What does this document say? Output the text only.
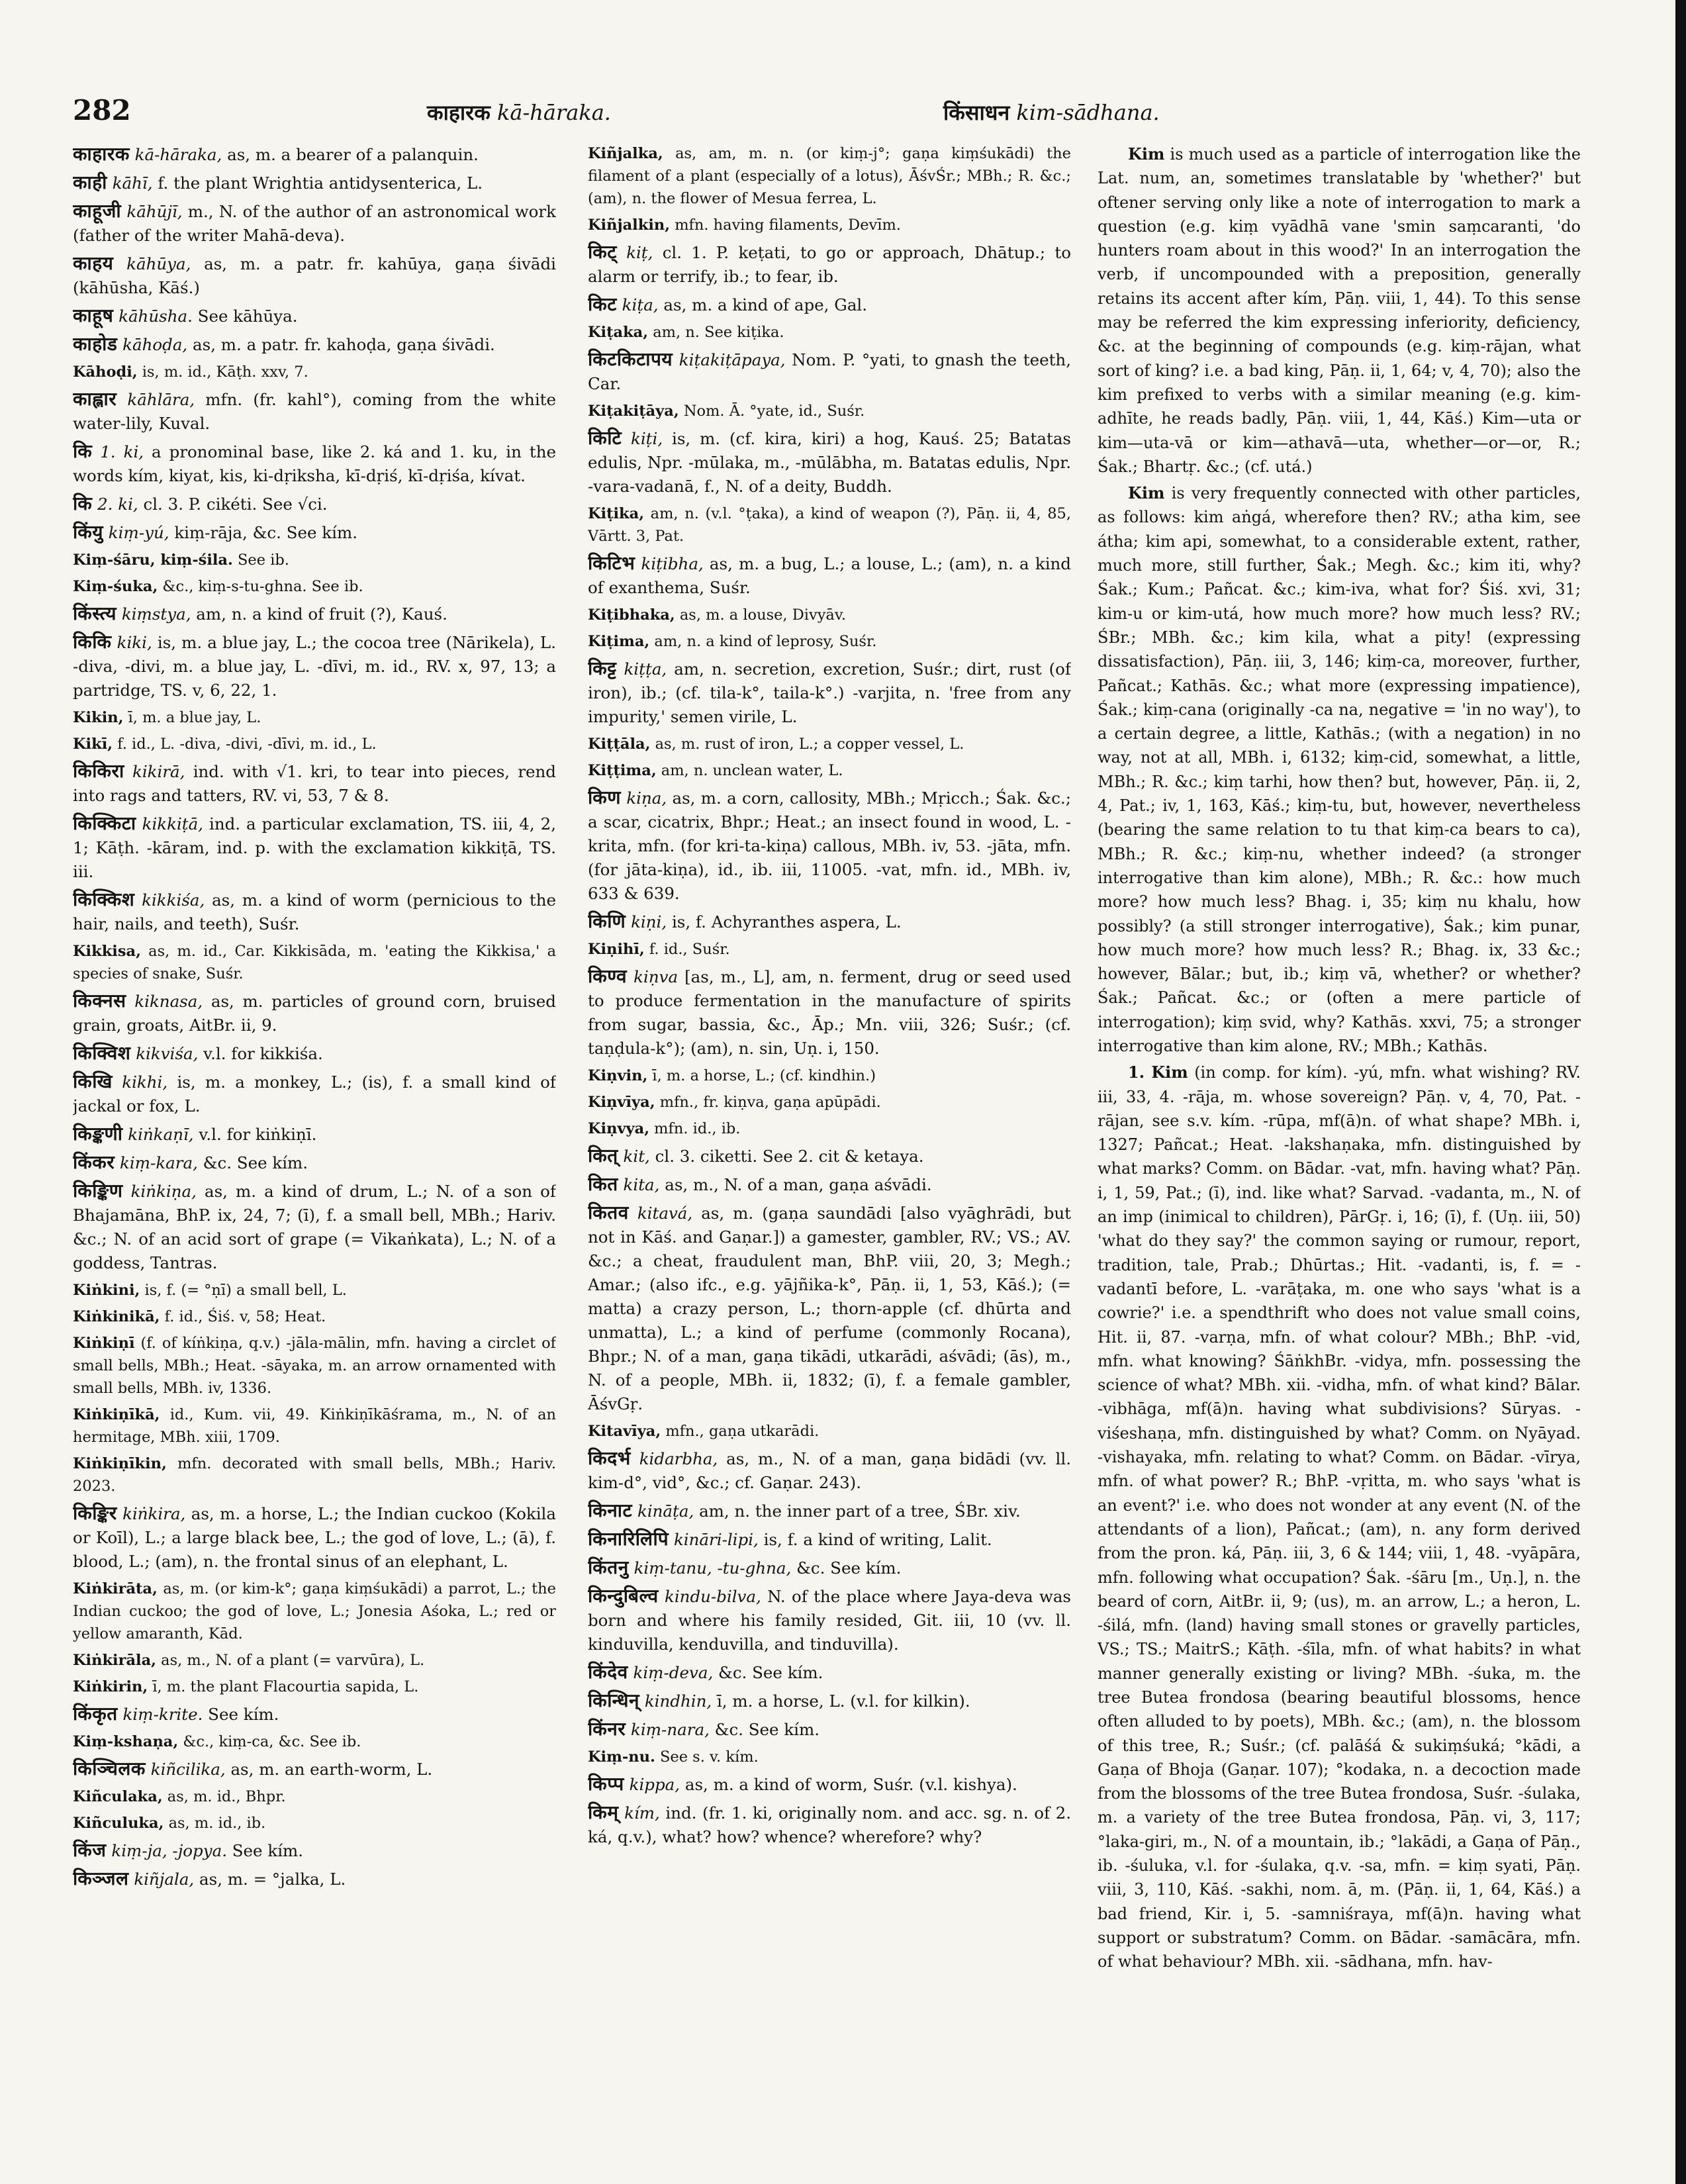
282	काहारक kā-hāraka.	किंसाधन kim-sādhana.

काहारक kā-hāraka, as, m. a bearer of a palanquin.

काही kāhī, f. the plant Wrightia antidysenterica, L.

काहूजी kāhūjī, m., N. of the author of an astronomical work (father of the writer Mahā-deva).

काहय kāhūya, as, m. a patr. fr. kahūya, gaṇa śivādi (kāhūsha, Kāś.)

काहूष kāhūsha. See kāhūya.

काहोड kāhoḍa, as, m. a patr. fr. kahoḍa, gaṇa śivādi.

Kāhoḍi, is, m. id., Kāṭh. xxv, 7.

काह्लार kāhlāra, mfn. (fr. kahl°), coming from the white water-lily, Kuval.

कि 1. ki, a pronominal base, like 2. ká and 1. ku, in the words kím, kiyat, kis, ki-dṛiksha, kī-dṛiś, kī-dṛiśa, kívat.

कि 2. ki, cl. 3. P. cikéti. See √ci.

किंयु kiṃ-yú, kiṃ-rāja, &c. See kím.

Kiṃ-śāru, kiṃ-śila. See ib.

Kiṃ-śuka, &c., kiṃ-s-tu-ghna. See ib.

किंस्त्य kiṃstya, am, n. a kind of fruit (?), Kauś.

किकि kiki, is, m. a blue jay, L.; the cocoa tree (Nārikela), L. -diva, -divi, m. a blue jay, L. -dīvi, m. id., RV. x, 97, 13; a partridge, TS. v, 6, 22, 1.

Kikin, ī, m. a blue jay, L.

Kikī, f. id., L. -diva, -divi, -dīvi, m. id., L.

किकिरा kikirā, ind. with √1. kri, to tear into pieces, rend into rags and tatters, RV. vi, 53, 7 & 8.

किक्किटा kikkiṭā, ind. a particular exclamation, TS. iii, 4, 2, 1; Kāṭh. -kāram, ind. p. with the exclamation kikkiṭā, TS. iii.

किक्किश kikkiśa, as, m. a kind of worm (pernicious to the hair, nails, and teeth), Suśr.

Kikkisa, as, m. id., Car. Kikkisāda, m. 'eating the Kikkisa,' a species of snake, Suśr.

किक्नस kiknasa, as, m. particles of ground corn, bruised grain, groats, AitBr. ii, 9.

किक्विश kikviśa, v.l. for kikkiśa.

किखि kikhi, is, m. a monkey, L.; (is), f. a small kind of jackal or fox, L.

किङ्कणी kiṅkaṇī, v.l. for kiṅkiṇī.

किंकर kiṃ-kara, &c. See kím.

किङ्किण kiṅkiṇa, as, m. a kind of drum, L.; N. of a son of Bhajamāna, BhP. ix, 24, 7; (ī), f. a small bell, MBh.; Hariv. &c.; N. of an acid sort of grape (= Vikaṅkata), L.; N. of a goddess, Tantras.

Kiṅkini, is, f. (= °ṇī) a small bell, L.

Kiṅkinikā, f. id., Śiś. v, 58; Heat.

Kiṅkiṇī (f. of kíṅkiṇa, q.v.) -jāla-mālin, mfn. having a circlet of small bells, MBh.; Heat. -sāyaka, m. an arrow ornamented with small bells, MBh. iv, 1336.

Kiṅkiṇīkā, id., Kum. vii, 49. Kiṅkiṇīkāśrama, m., N. of an hermitage, MBh. xiii, 1709.

Kiṅkiṇīkin, mfn. decorated with small bells, MBh.; Hariv. 2023.

किङ्किर kiṅkira, as, m. a horse, L.; the Indian cuckoo (Kokila or Koīl), L.; a large black bee, L.; the god of love, L.; (ā), f. blood, L.; (am), n. the frontal sinus of an elephant, L.

Kiṅkirāta, as, m. (or kim-k°; gaṇa kiṃśukādi) a parrot, L.; the Indian cuckoo; the god of love, L.; Jonesia Aśoka, L.; red or yellow amaranth, Kād.

Kiṅkirāla, as, m., N. of a plant (= varvūra), L.

Kiṅkirin, ī, m. the plant Flacourtia sapida, L.

किंकृत kiṃ-krite. See kím.

Kiṃ-kshaṇa, &c., kiṃ-ca, &c. See ib.

किञ्चिलक kiñcilika, as, m. an earth-worm, L.

Kiñculaka, as, m. id., Bhpr.

Kiñculuka, as, m. id., ib.

किंज kiṃ-ja, -jopya. See kím.

किञ्जल kiñjala, as, m. = °jalka, L.

Kiñjalka, as, am, m. n. (or kiṃ-j°; gaṇa kiṃśukādi) the filament of a plant (especially of a lotus), ĀśvŚr.; MBh.; R. &c.; (am), n. the flower of Mesua ferrea, L.

Kiñjalkin, mfn. having filaments, Devīm.

किट् kiṭ, cl. 1. P. keṭati, to go or approach, Dhātup.; to alarm or terrify, ib.; to fear, ib.

किट kiṭa, as, m. a kind of ape, Gal.

Kiṭaka, am, n. See kiṭika.

किटकिटापय kiṭakiṭāpaya, Nom. P. °yati, to gnash the teeth, Car.

Kiṭakiṭāya, Nom. Ā. °yate, id., Suśr.

किटि kiṭi, is, m. (cf. kira, kiri) a hog, Kauś. 25; Batatas edulis, Npr. -mūlaka, m., -mūlābha, m. Batatas edulis, Npr. -vara-vadanā, f., N. of a deity, Buddh.

Kiṭika, am, n. (v.l. °ṭaka), a kind of weapon (?), Pāṇ. ii, 4, 85, Vārtt. 3, Pat.

किटिभ kiṭibha, as, m. a bug, L.; a louse, L.; (am), n. a kind of exanthema, Suśr.

Kiṭibhaka, as, m. a louse, Divyāv.

Kiṭima, am, n. a kind of leprosy, Suśr.

किट्ट kiṭṭa, am, n. secretion, excretion, Suśr.; dirt, rust (of iron), ib.; (cf. tila-k°, taila-k°.) -varjita, n. 'free from any impurity,' semen virile, L.

Kiṭṭāla, as, m. rust of iron, L.; a copper vessel, L.

Kiṭṭima, am, n. unclean water, L.

किण kiṇa, as, m. a corn, callosity, MBh.; Mṛicch.; Śak. &c.; a scar, cicatrix, Bhpr.; Heat.; an insect found in wood, L. -krita, mfn. (for kri-ta-kiṇa) callous, MBh. iv, 53. -jāta, mfn. (for jāta-kiṇa), id., ib. iii, 11005. -vat, mfn. id., MBh. iv, 633 & 639.

किणि kiṇi, is, f. Achyranthes aspera, L.

Kiṇihī, f. id., Suśr.

किण्व kiṇva [as, m., L], am, n. ferment, drug or seed used to produce fermentation in the manufacture of spirits from sugar, bassia, &c., Āp.; Mn. viii, 326; Suśr.; (cf. taṇḍula-k°); (am), n. sin, Uṇ. i, 150.

Kiṇvin, ī, m. a horse, L.; (cf. kindhin.)

Kiṇvīya, mfn., fr. kiṇva, gaṇa apūpādi.

Kiṇvya, mfn. id., ib.

कित् kit, cl. 3. ciketti. See 2. cit & ketaya.

कित kita, as, m., N. of a man, gaṇa aśvādi.

कितव kitavá, as, m. (gaṇa saundādi [also vyāghrādi, but not in Kāś. and Gaṇar.]) a gamester, gambler, RV.; VS.; AV. &c.; a cheat, fraudulent man, BhP. viii, 20, 3; Megh.; Amar.; (also ifc., e.g. yājñika-k°, Pāṇ. ii, 1, 53, Kāś.); (= matta) a crazy person, L.; thorn-apple (cf. dhūrta and unmatta), L.; a kind of perfume (commonly Rocana), Bhpr.; N. of a man, gaṇa tikādi, utkarādi, aśvādi; (ās), m., N. of a people, MBh. ii, 1832; (ī), f. a female gambler, ĀśvGṛ.

Kitavīya, mfn., gaṇa utkarādi.

किदर्भ kidarbha, as, m., N. of a man, gaṇa bidādi (vv. ll. kim-d°, vid°, &c.; cf. Gaṇar. 243).

किनाट kināṭa, am, n. the inner part of a tree, ŚBr. xiv.

किनारिलिपि kināri-lipi, is, f. a kind of writing, Lalit.

किंतनु kiṃ-tanu, -tu-ghna, &c. See kím.

किन्दुबिल्व kindu-bilva, N. of the place where Jaya-deva was born and where his family resided, Git. iii, 10 (vv. ll. kinduvilla, kenduvilla, and tinduvilla).

किंदेव kiṃ-deva, &c. See kím.

किन्धिन् kindhin, ī, m. a horse, L. (v.l. for kilkin).

किंनर kiṃ-nara, &c. See kím.

Kiṃ-nu. See s. v. kím.

किप्प kippa, as, m. a kind of worm, Suśr. (v.l. kishya).

किम् kím, ind. (fr. 1. ki, originally nom. and acc. sg. n. of 2. ká, q.v.), what? how? whence? wherefore? why?

Kim is much used as a particle of interrogation like the Lat. num, an, sometimes translatable by 'whether?' but oftener serving only like a note of interrogation to mark a question (e.g. kiṃ vyādhā vane 'smin saṃcaranti, 'do hunters roam about in this wood?' In an interrogation the verb, if uncompounded with a preposition, generally retains its accent after kím, Pāṇ. viii, 1, 44). To this sense may be referred the kim expressing inferiority, deficiency, &c. at the beginning of compounds (e.g. kiṃ-rājan, what sort of king? i.e. a bad king, Pāṇ. ii, 1, 64; v, 4, 70); also the kim prefixed to verbs with a similar meaning (e.g. kim-adhīte, he reads badly, Pāṇ. viii, 1, 44, Kāś.) Kim—uta or kim—uta-vā or kim—athavā—uta, whether—or—or, R.; Śak.; Bhartṛ. &c.; (cf. utá.)

Kim is very frequently connected with other particles, as follows: kim aṅgá, wherefore then? RV.; atha kim, see átha; kim api, somewhat, to a considerable extent, rather, much more, still further, Śak.; Megh. &c.; kim iti, why? Śak.; Kum.; Pañcat. &c.; kim-iva, what for? Śiś. xvi, 31; kim-u or kim-utá, how much more? how much less? RV.; ŚBr.; MBh. &c.; kim kila, what a pity! (expressing dissatisfaction), Pāṇ. iii, 3, 146; kiṃ-ca, moreover, further, Pañcat.; Kathās. &c.; what more (expressing impatience), Śak.; kiṃ-cana (originally -ca na, negative = 'in no way'), to a certain degree, a little, Kathās.; (with a negation) in no way, not at all, MBh. i, 6132; kiṃ-cid, somewhat, a little, MBh.; R. &c.; kiṃ tarhi, how then? but, however, Pāṇ. ii, 2, 4, Pat.; iv, 1, 163, Kāś.; kiṃ-tu, but, however, nevertheless (bearing the same relation to tu that kiṃ-ca bears to ca), MBh.; R. &c.; kiṃ-nu, whether indeed? (a stronger interrogative than kim alone), MBh.; R. &c.: how much more? how much less? Bhag. i, 35; kiṃ nu khalu, how possibly? (a still stronger interrogative), Śak.; kim punar, how much more? how much less? R.; Bhag. ix, 33 &c.; however, Bālar.; but, ib.; kiṃ vā, whether? or whether? Śak.; Pañcat. &c.; or (often a mere particle of interrogation); kiṃ svid, why? Kathās. xxvi, 75; a stronger interrogative than kim alone, RV.; MBh.; Kathās.

1. Kim (in comp. for kím). -yú, mfn. what wishing? RV. iii, 33, 4. -rāja, m. whose sovereign? Pāṇ. v, 4, 70, Pat. -rājan, see s.v. kím. -rūpa, mf(ā)n. of what shape? MBh. i, 1327; Pañcat.; Heat. -lakshaṇaka, mfn. distinguished by what marks? Comm. on Bādar. -vat, mfn. having what? Pāṇ. i, 1, 59, Pat.; (ī), ind. like what? Sarvad. -vadanta, m., N. of an imp (inimical to children), PārGṛ. i, 16; (ī), f. (Uṇ. iii, 50) 'what do they say?' the common saying or rumour, report, tradition, tale, Prab.; Dhūrtas.; Hit. -vadanti, is, f. = -vadantī before, L. -varāṭaka, m. one who says 'what is a cowrie?' i.e. a spendthrift who does not value small coins, Hit. ii, 87. -varṇa, mfn. of what colour? MBh.; BhP. -vid, mfn. what knowing? ŚāṅkhBr. -vidya, mfn. possessing the science of what? MBh. xii. -vidha, mfn. of what kind? Bālar. -vibhāga, mf(ā)n. having what subdivisions? Sūryas. -viśeshaṇa, mfn. distinguished by what? Comm. on Nyāyad. -vishayaka, mfn. relating to what? Comm. on Bādar. -vīrya, mfn. of what power? R.; BhP. -vṛitta, m. who says 'what is an event?' i.e. who does not wonder at any event (N. of the attendants of a lion), Pañcat.; (am), n. any form derived from the pron. ká, Pāṇ. iii, 3, 6 & 144; viii, 1, 48. -vyāpāra, mfn. following what occupation? Śak. -śāru [m., Uṇ.], n. the beard of corn, AitBr. ii, 9; (us), m. an arrow, L.; a heron, L. -śilá, mfn. (land) having small stones or gravelly particles, VS.; TS.; MaitrS.; Kāṭh. -śīla, mfn. of what habits? in what manner generally existing or living? MBh. -śuka, m. the tree Butea frondosa (bearing beautiful blossoms, hence often alluded to by poets), MBh. &c.; (am), n. the blossom of this tree, R.; Suśr.; (cf. palāśá & sukiṃśuká; °kādi, a Gaṇa of Bhoja (Gaṇar. 107); °kodaka, n. a decoction made from the blossoms of the tree Butea frondosa, Suśr. -śulaka, m. a variety of the tree Butea frondosa, Pāṇ. vi, 3, 117; °laka-giri, m., N. of a mountain, ib.; °lakādi, a Gaṇa of Pāṇ., ib. -śuluka, v.l. for -śulaka, q.v. -sa, mfn. = kiṃ syati, Pāṇ. viii, 3, 110, Kāś. -sakhi, nom. ā, m. (Pāṇ. ii, 1, 64, Kāś.) a bad friend, Kir. i, 5. -samniśraya, mf(ā)n. having what support or substratum? Comm. on Bādar. -samācāra, mfn. of what behaviour? MBh. xii. -sādhana, mfn. hav-
